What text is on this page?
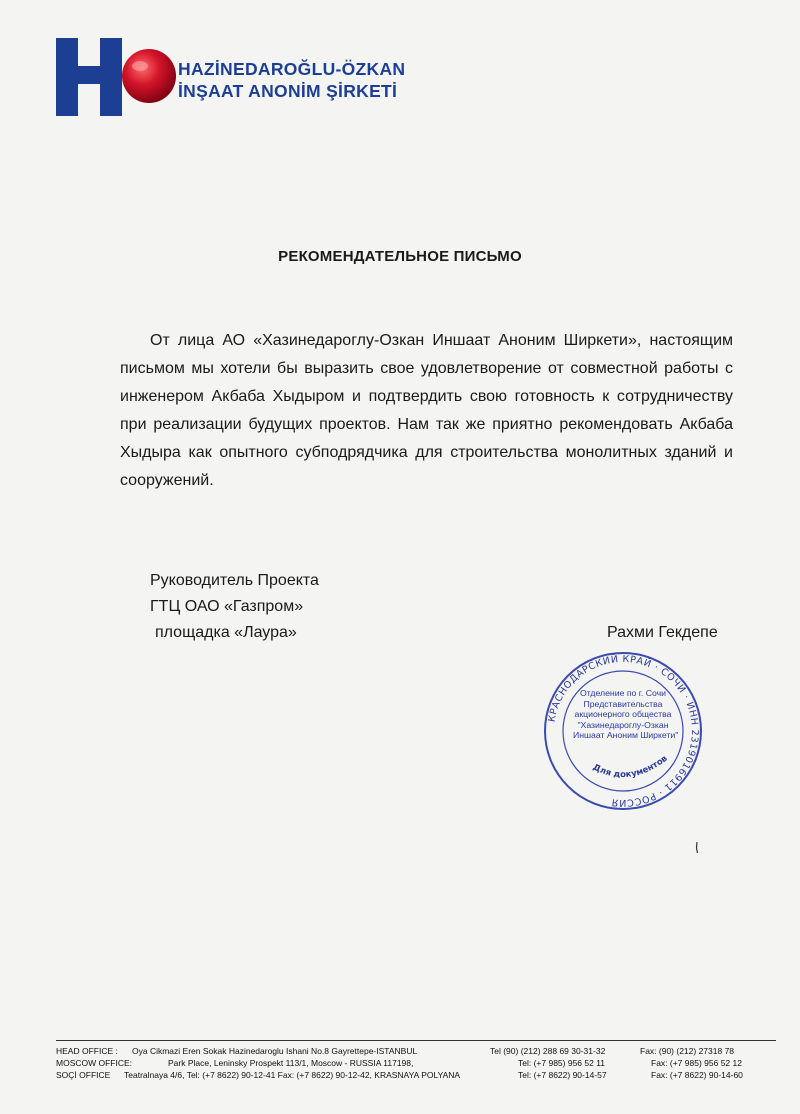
HAZİNEDAROĞLU-ÖZKAN
İNŞAAT ANONİM ŞİRKETİ
РЕКОМЕНДАТЕЛЬНОЕ ПИСЬМО
От лица АО «Хазинедароглу-Озкан Иншаат Аноним Ширкети», настоящим письмом мы хотели бы выразить свое удовлетворение от совместной работы с инженером Акбаба Хыдыром и подтвердить свою готовность к сотрудничеству при реализации будущих проектов. Нам так же приятно рекомендовать Акбаба Хыдыра как опытного субподрядчика для строительства монолитных зданий и сооружений.
Руководитель Проекта
ГТЦ ОАО «Газпром»
площадка «Лаура»	Рахми Гекдепе
КРАСНОДАРСКИЙ КРАЙ · СОЧИ · ИНН 2319016911 · РОССИЯ
Для документов
Отделение по г. Сочи
Представительства
акционерного общества
"Хазинедароглу-Озкан
Иншаат Аноним Ширкети"
HEAD OFFICE : Oya Cikmazi Eren Sokak Hazinedaroglu Ishani No.8 Gayrettepe-ISTANBUL	Tel (90) (212) 288 69 30-31-32	Fax: (90) (212) 27318 78
MOSCOW OFFICE:	Park Place, Leninsky Prospekt 113/1, Moscow - RUSSIA 117198,	Tel: (+7 985) 956 52 11	Fax: (+7 985) 956 52 12
SOÇİ OFFICE Teatralnaya 4/6, Tel: (+7 8622) 90-12-41 Fax: (+7 8622) 90-12-42, KRASNAYA POLYANA	Tel: (+7 8622) 90-14-57	Fax: (+7 8622) 90-14-60
